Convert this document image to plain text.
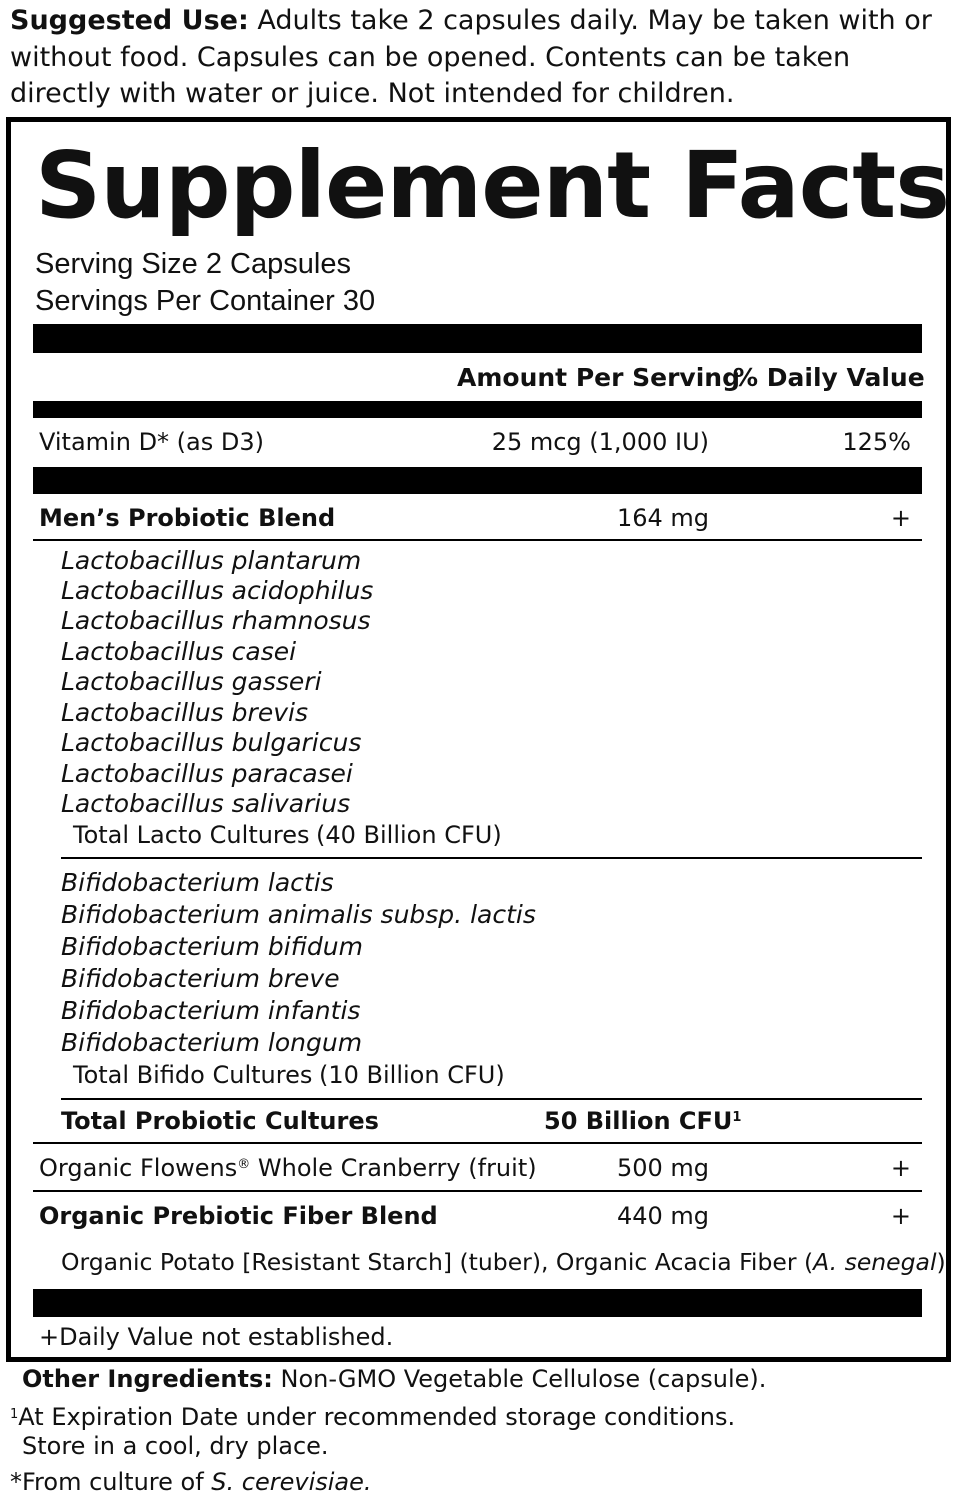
Suggested Use: Adults take 2 capsules daily. May be taken with or without food. Capsules can be opened. Contents can be taken directly with water or juice. Not intended for children.
Supplement Facts
Serving Size 2 Capsules
Servings Per Container 30
Amount Per Serving
% Daily Value
Vitamin D* (as D3)	25 mcg (1,000 IU)	125%
Men’s Probiotic Blend	164 mg	+
Lactobacillus plantarum
Lactobacillus acidophilus
Lactobacillus rhamnosus
Lactobacillus casei
Lactobacillus gasseri
Lactobacillus brevis
Lactobacillus bulgaricus
Lactobacillus paracasei
Lactobacillus salivarius
Total Lacto Cultures (40 Billion CFU)
Bifidobacterium lactis
Bifidobacterium animalis subsp. lactis
Bifidobacterium bifidum
Bifidobacterium breve
Bifidobacterium infantis
Bifidobacterium longum
Total Bifido Cultures (10 Billion CFU)
Total Probiotic Cultures	50 Billion CFU$^1$
Organic Flowens® Whole Cranberry (fruit)	500 mg	+
Organic Prebiotic Fiber Blend	440 mg	+
Organic Potato [Resistant Starch] (tuber), Organic Acacia Fiber (A. senegal)
+Daily Value not established.
Other Ingredients: Non-GMO Vegetable Cellulose (capsule).
$^1$At Expiration Date under recommended storage conditions.
Store in a cool, dry place.
*From culture of S. cerevisiae.
